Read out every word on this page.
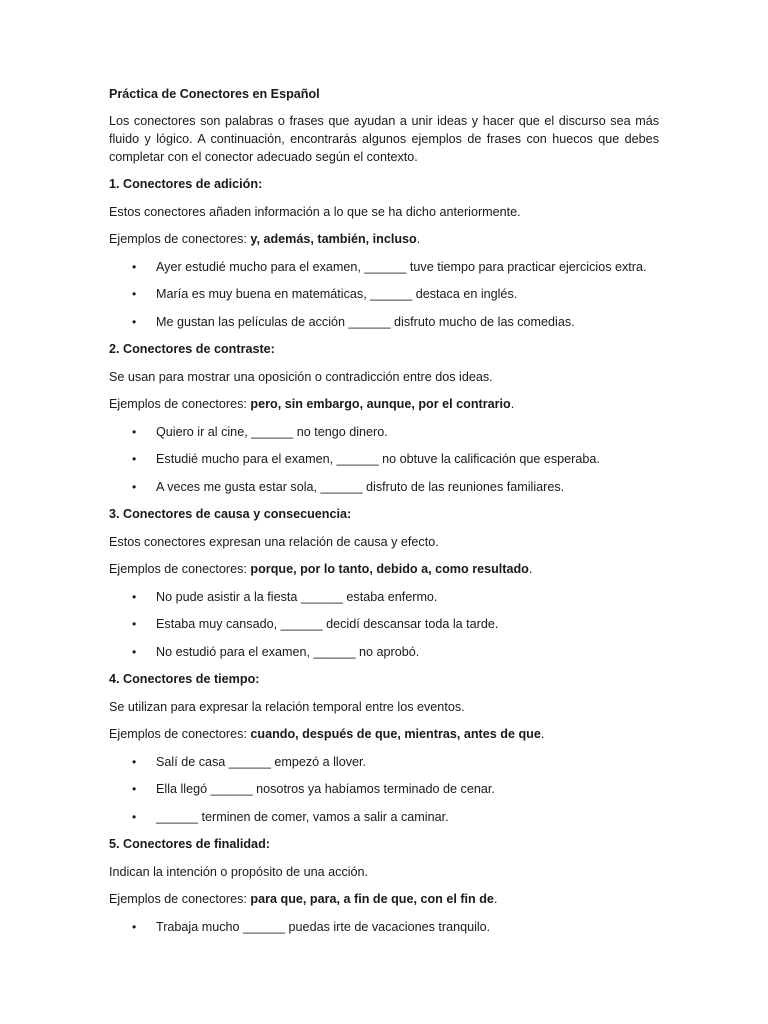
Práctica de Conectores en Español
Los conectores son palabras o frases que ayudan a unir ideas y hacer que el discurso sea más fluido y lógico. A continuación, encontrarás algunos ejemplos de frases con huecos que debes completar con el conector adecuado según el contexto.
1. Conectores de adición:
Estos conectores añaden información a lo que se ha dicho anteriormente.
Ejemplos de conectores: y, además, también, incluso.
• Ayer estudié mucho para el examen, ______ tuve tiempo para practicar ejercicios extra.
• María es muy buena en matemáticas, ______ destaca en inglés.
• Me gustan las películas de acción ______ disfruto mucho de las comedias.
2. Conectores de contraste:
Se usan para mostrar una oposición o contradicción entre dos ideas.
Ejemplos de conectores: pero, sin embargo, aunque, por el contrario.
• Quiero ir al cine, ______ no tengo dinero.
• Estudié mucho para el examen, ______ no obtuve la calificación que esperaba.
• A veces me gusta estar sola, ______ disfruto de las reuniones familiares.
3. Conectores de causa y consecuencia:
Estos conectores expresan una relación de causa y efecto.
Ejemplos de conectores: porque, por lo tanto, debido a, como resultado.
• No pude asistir a la fiesta ______ estaba enfermo.
• Estaba muy cansado, ______ decidí descansar toda la tarde.
• No estudió para el examen, ______ no aprobó.
4. Conectores de tiempo:
Se utilizan para expresar la relación temporal entre los eventos.
Ejemplos de conectores: cuando, después de que, mientras, antes de que.
• Salí de casa ______ empezó a llover.
• Ella llegó ______ nosotros ya habíamos terminado de cenar.
• ______ terminen de comer, vamos a salir a caminar.
5. Conectores de finalidad:
Indican la intención o propósito de una acción.
Ejemplos de conectores: para que, para, a fin de que, con el fin de.
• Trabaja mucho ______ puedas irte de vacaciones tranquilo.
